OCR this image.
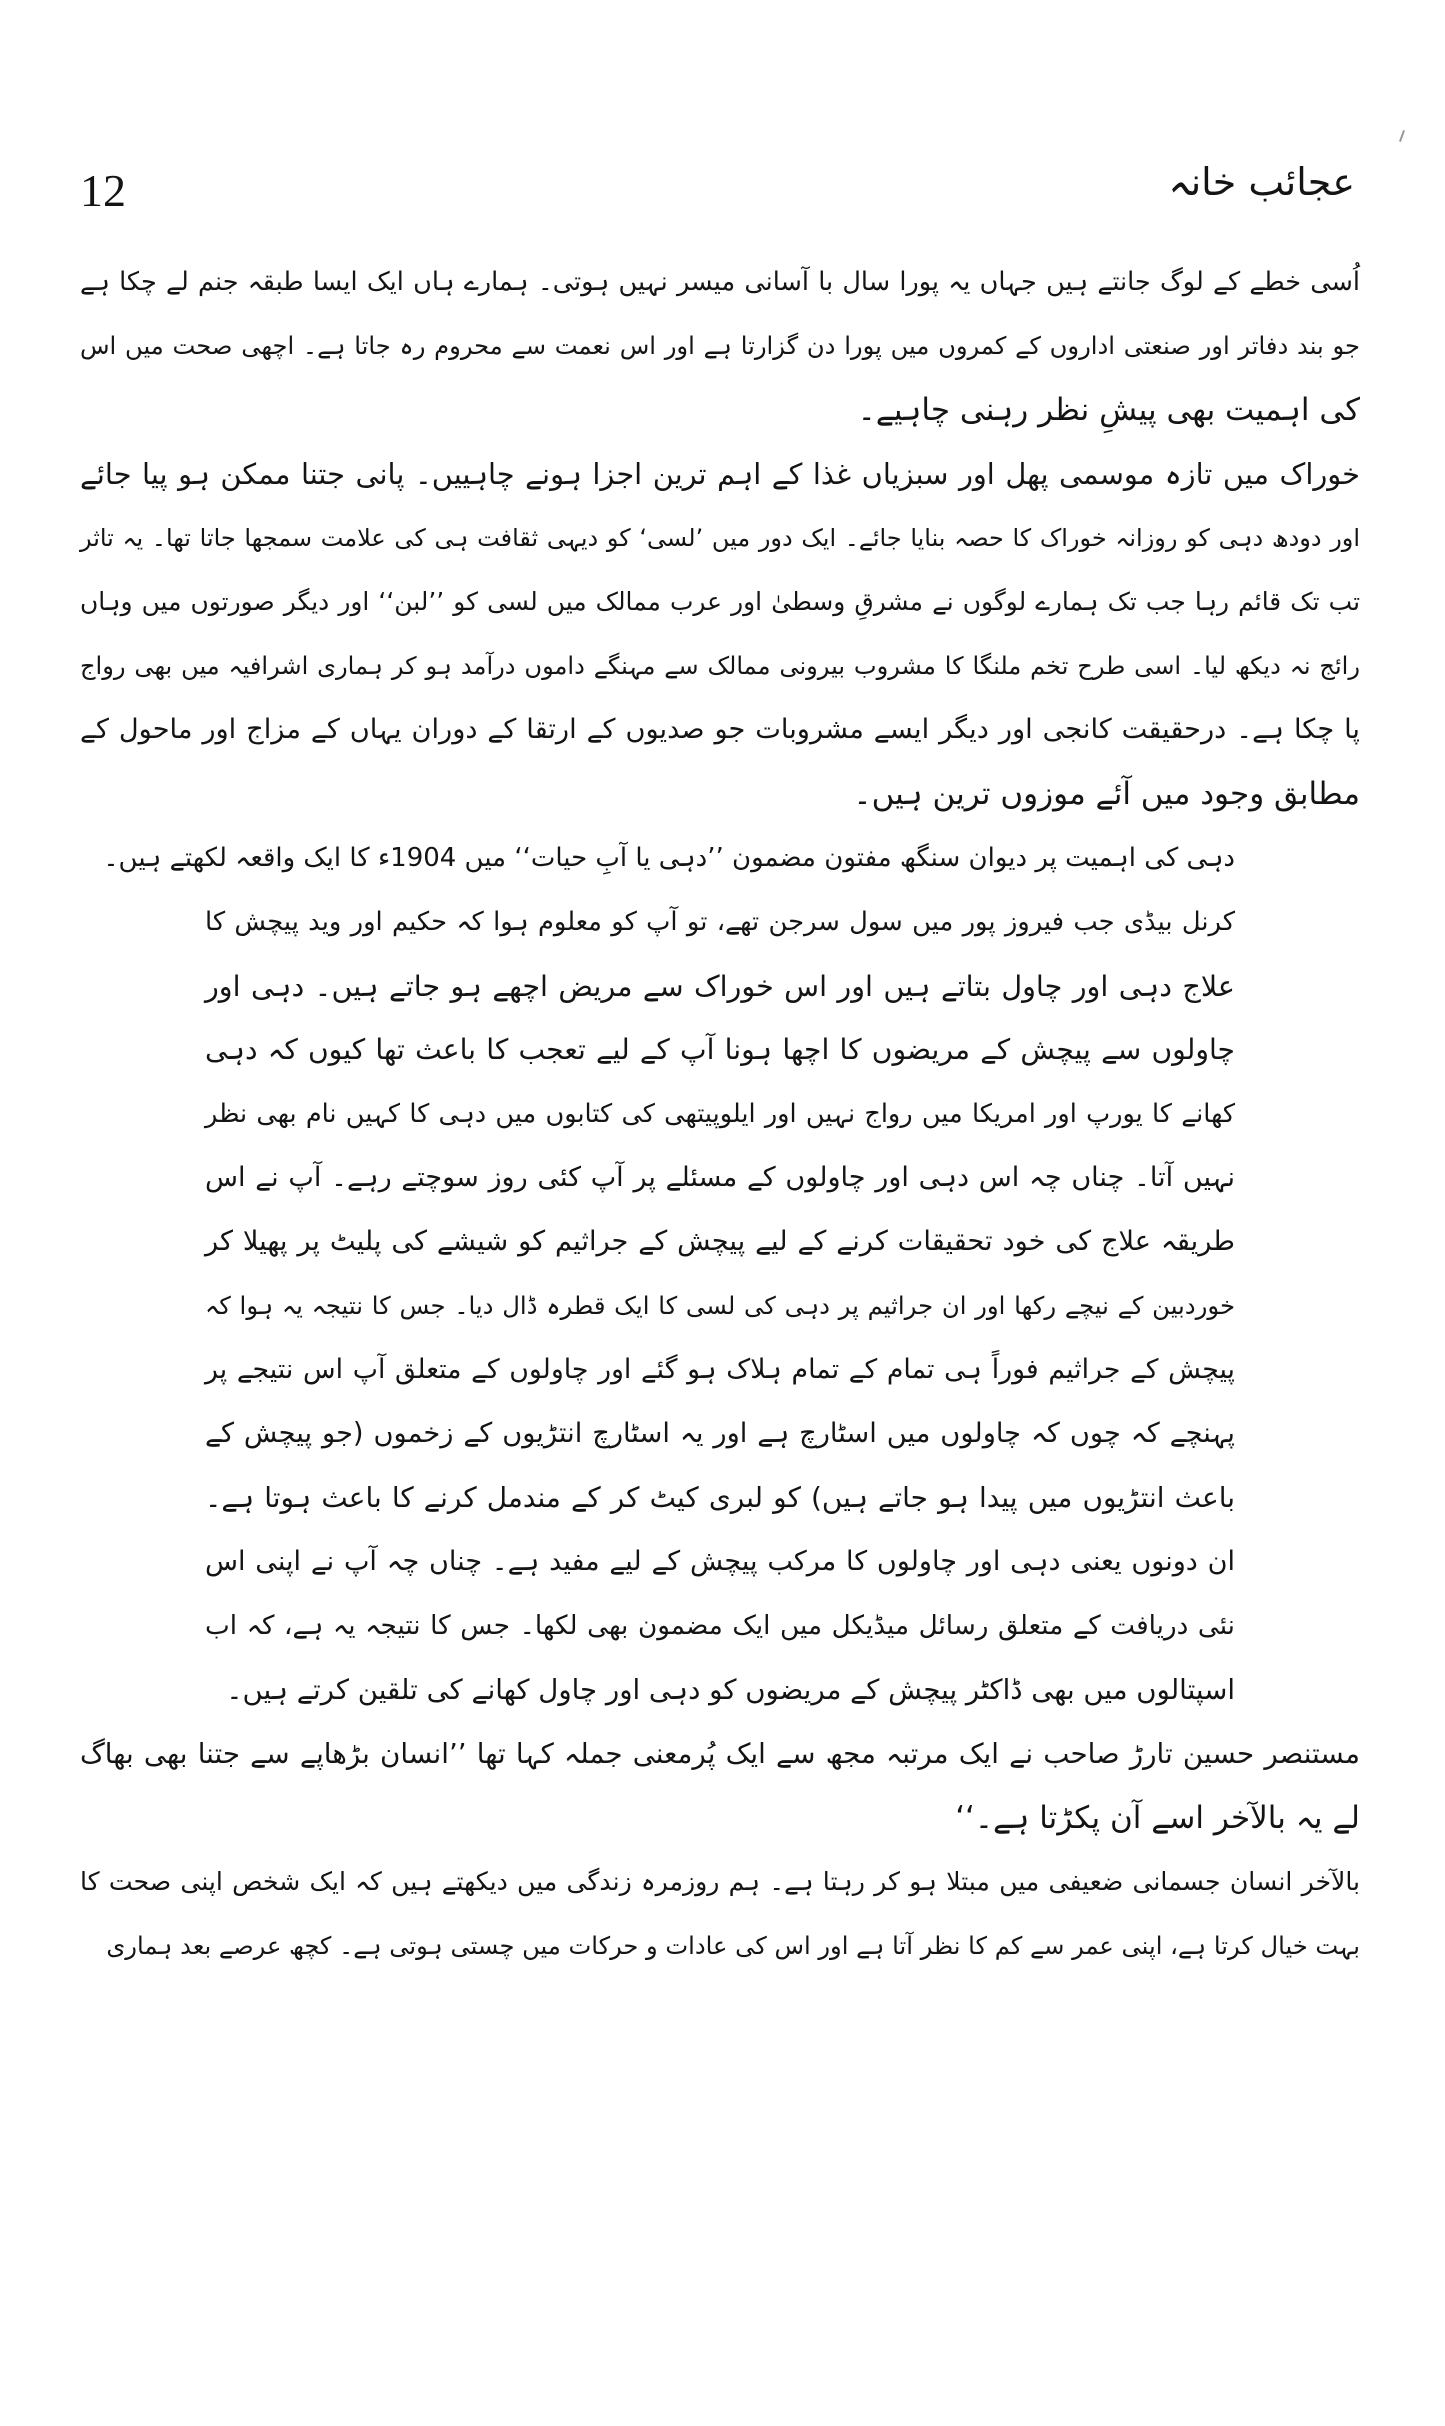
12	عجائب خانہ
اُسی خطے کے لوگ جانتے ہیں جہاں یہ پورا سال با آسانی میسر نہیں ہوتی۔ ہمارے ہاں ایک ایسا طبقہ جنم لے چکا ہے
جو بند دفاتر اور صنعتی اداروں کے کمروں میں پورا دن گزارتا ہے اور اس نعمت سے محروم رہ جاتا ہے۔ اچھی صحت میں اس
کی اہمیت بھی پیشِ نظر رہنی چاہیے۔
خوراک میں تازہ موسمی پھل اور سبزیاں غذا کے اہم ترین اجزا ہونے چاہییں۔ پانی جتنا ممکن ہو پیا جائے
اور دودھ دہی کو روزانہ خوراک کا حصہ بنایا جائے۔ ایک دور میں ’لسی‘ کو دیہی ثقافت ہی کی علامت سمجھا جاتا تھا۔ یہ تاثر
تب تک قائم رہا جب تک ہمارے لوگوں نے مشرقِ وسطیٰ اور عرب ممالک میں لسی کو ’’لبن‘‘ اور دیگر صورتوں میں وہاں
رائج نہ دیکھ لیا۔ اسی طرح تخم ملنگا کا مشروب بیرونی ممالک سے مہنگے داموں درآمد ہو کر ہماری اشرافیہ میں بھی رواج
پا چکا ہے۔ درحقیقت کانجی اور دیگر ایسے مشروبات جو صدیوں کے ارتقا کے دوران یہاں کے مزاج اور ماحول کے
مطابق وجود میں آئے موزوں ترین ہیں۔
دہی کی اہمیت پر دیوان سنگھ مفتون مضمون ’’دہی یا آبِ حیات‘‘ میں 1904ء کا ایک واقعہ لکھتے ہیں۔
کرنل بیڈی جب فیروز پور میں سول سرجن تھے، تو آپ کو معلوم ہوا کہ حکیم اور وید پیچش کا
علاج دہی اور چاول بتاتے ہیں اور اس خوراک سے مریض اچھے ہو جاتے ہیں۔ دہی اور
چاولوں سے پیچش کے مریضوں کا اچھا ہونا آپ کے لیے تعجب کا باعث تھا کیوں کہ دہی
کھانے کا یورپ اور امریکا میں رواج نہیں اور ایلوپیتھی کی کتابوں میں دہی کا کہیں نام بھی نظر
نہیں آتا۔ چناں چہ اس دہی اور چاولوں کے مسئلے پر آپ کئی روز سوچتے رہے۔ آپ نے اس
طریقہ علاج کی خود تحقیقات کرنے کے لیے پیچش کے جراثیم کو شیشے کی پلیٹ پر پھیلا کر
خوردبین کے نیچے رکھا اور ان جراثیم پر دہی کی لسی کا ایک قطرہ ڈال دیا۔ جس کا نتیجہ یہ ہوا کہ
پیچش کے جراثیم فوراً ہی تمام کے تمام ہلاک ہو گئے اور چاولوں کے متعلق آپ اس نتیجے پر
پہنچے کہ چوں کہ چاولوں میں اسٹارچ ہے اور یہ اسٹارچ انتڑیوں کے زخموں (جو پیچش کے
باعث انتڑیوں میں پیدا ہو جاتے ہیں) کو لبری کیٹ کر کے مندمل کرنے کا باعث ہوتا ہے۔
ان دونوں یعنی دہی اور چاولوں کا مرکب پیچش کے لیے مفید ہے۔ چناں چہ آپ نے اپنی اس
نئی دریافت کے متعلق رسائل میڈیکل میں ایک مضمون بھی لکھا۔ جس کا نتیجہ یہ ہے، کہ اب
اسپتالوں میں بھی ڈاکٹر پیچش کے مریضوں کو دہی اور چاول کھانے کی تلقین کرتے ہیں۔
مستنصر حسین تارڑ صاحب نے ایک مرتبہ مجھ سے ایک پُرمعنی جملہ کہا تھا ’’انسان بڑھاپے سے جتنا بھی بھاگ
لے یہ بالآخر اسے آن پکڑتا ہے۔‘‘
بالآخر انسان جسمانی ضعیفی میں مبتلا ہو کر رہتا ہے۔ ہم روزمرہ زندگی میں دیکھتے ہیں کہ ایک شخص اپنی صحت کا
بہت خیال کرتا ہے، اپنی عمر سے کم کا نظر آتا ہے اور اس کی عادات و حرکات میں چستی ہوتی ہے۔ کچھ عرصے بعد ہماری
